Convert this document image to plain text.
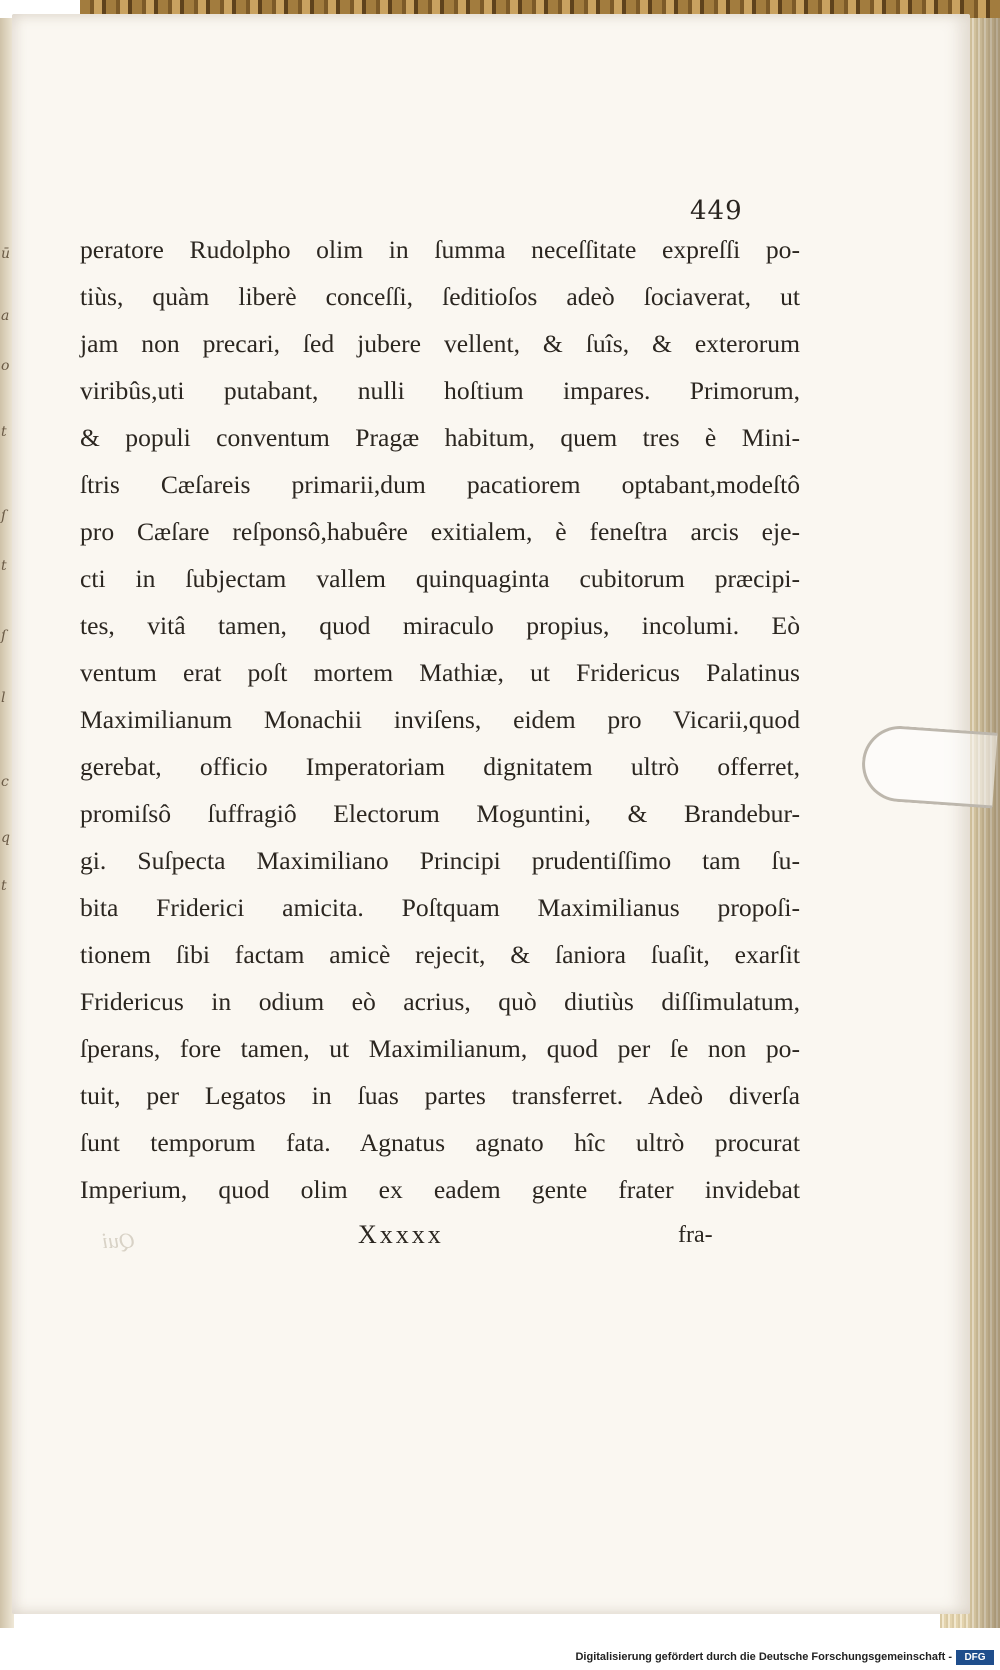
ū
a
o
t
ſ
t
ſ
l
c
q
t
449
peratore Rudolpho olim in ſumma neceſſitate expreſſi po-
tiùs, quàm liberè conceſſi, ſeditioſos adeò ſociaverat, ut
jam non precari, ſed jubere vellent, & ſuîs, & exterorum
viribûs,uti putabant, nulli hoſtium impares. Primorum,
& populi conventum Pragæ habitum, quem tres è Mini-
ſtris Cæſareis primarii,dum pacatiorem optabant,modeſtô
pro Cæſare reſponsô,habuêre exitialem, è feneſtra arcis eje-
cti in ſubjectam vallem quinquaginta cubitorum præcipi-
tes, vitâ tamen, quod miraculo propius, incolumi. Eò
ventum erat poſt mortem Mathiæ, ut Fridericus Palatinus
Maximilianum Monachii inviſens, eidem pro Vicarii,quod
gerebat, officio Imperatoriam dignitatem ultrò offerret,
promiſsô ſuffragiô Electorum Moguntini, & Brandebur-
gi. Suſpecta Maximiliano Principi prudentiſſimo tam ſu-
bita Friderici amicita. Poſtquam Maximilianus propoſi-
tionem ſibi factam amicè rejecit, & ſaniora ſuaſit, exarſit
Fridericus in odium eò acrius, quò diutiùs diſſimulatum,
ſperans, fore tamen, ut Maximilianum, quod per ſe non po-
tuit, per Legatos in ſuas partes transferret. Adeò diverſa
ſunt temporum fata. Agnatus agnato hîc ultrò procurat
Imperium, quod olim ex eadem gente frater invidebat
Qui	Xxxxx	fra-
Digitalisierung gefördert durch die Deutsche Forschungsgemeinschaft -	DFG
